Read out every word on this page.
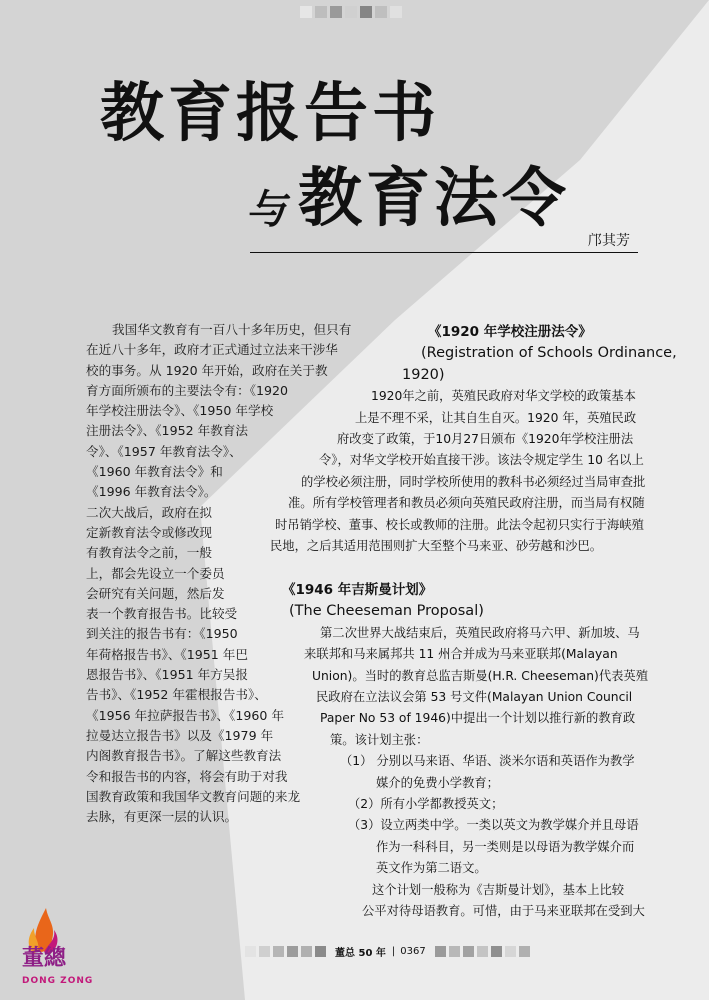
教育报告书
与 教育法令
邝其芳

我国华文教育有一百八十多年历史，但只有

在近八十多年，政府才正式通过立法来干涉华

校的事务。从 1920 年开始，政府在关于教

育方面所颁布的主要法令有：《1920

年学校注册法令》、《1950 年学校

注册法令》、《1952 年教育法

令》、《1957 年教育法令》、

《1960 年教育法令》和

《1996 年教育法令》。

二次大战后，政府在拟

定新教育法令或修改现

有教育法令之前，一般

上，都会先设立一个委员

会研究有关问题，然后发

表一个教育报告书。比较受

到关注的报告书有：《1950

年荷格报告书》、《1951 年巴

恩报告书》、《1951 年方吴报

告书》、《1952 年霍根报告书》、

《1956 年拉萨报告书》、《1960 年

拉曼达立报告书》以及《1979 年

内阁教育报告书》。了解这些教育法

令和报告书的内容，将会有助于对我

国教育政策和我国华文教育问题的来龙

去脉，有更深一层的认识。

《1920 年学校注册法令》

(Registration of Schools Ordinance,

1920)

1920年之前，英殖民政府对华文学校的政策基本

上是不理不采，让其自生自灭。1920 年，英殖民政

府改变了政策，于10月27日颁布《1920年学校注册法

令》，对华文学校开始直接干涉。该法令规定学生 10 名以上

的学校必须注册，同时学校所使用的教科书必须经过当局审查批

准。所有学校管理者和教员必须向英殖民政府注册，而当局有权随

时吊销学校、董事、校长或教师的注册。此法令起初只实行于海峡殖

民地，之后其适用范围则扩大至整个马来亚、砂劳越和沙巴。

《1946 年吉斯曼计划》

(The Cheeseman Proposal)

第二次世界大战结束后，英殖民政府将马六甲、新加坡、马

来联邦和马来属邦共 11 州合并成为马来亚联邦(Malayan

Union)。当时的教育总监吉斯曼(H.R. Cheeseman)代表英殖

民政府在立法议会第 53 号文件(Malayan Union Council

Paper No 53 of 1946)中提出一个计划以推行新的教育政

策。该计划主张：

（1） 分别以马来语、华语、淡米尔语和英语作为教学

媒介的免费小学教育；

（2）所有小学都教授英文；

（3）设立两类中学。一类以英文为教学媒介并且母语

作为一科科目，另一类则是以母语为教学媒介而

英文作为第二语文。

这个计划一般称为《吉斯曼计划》，基本上比较

公平对待母语教育。可惜，由于马来亚联邦在受到大

董总 50 年 | 0367
董總
DONG ZONG
